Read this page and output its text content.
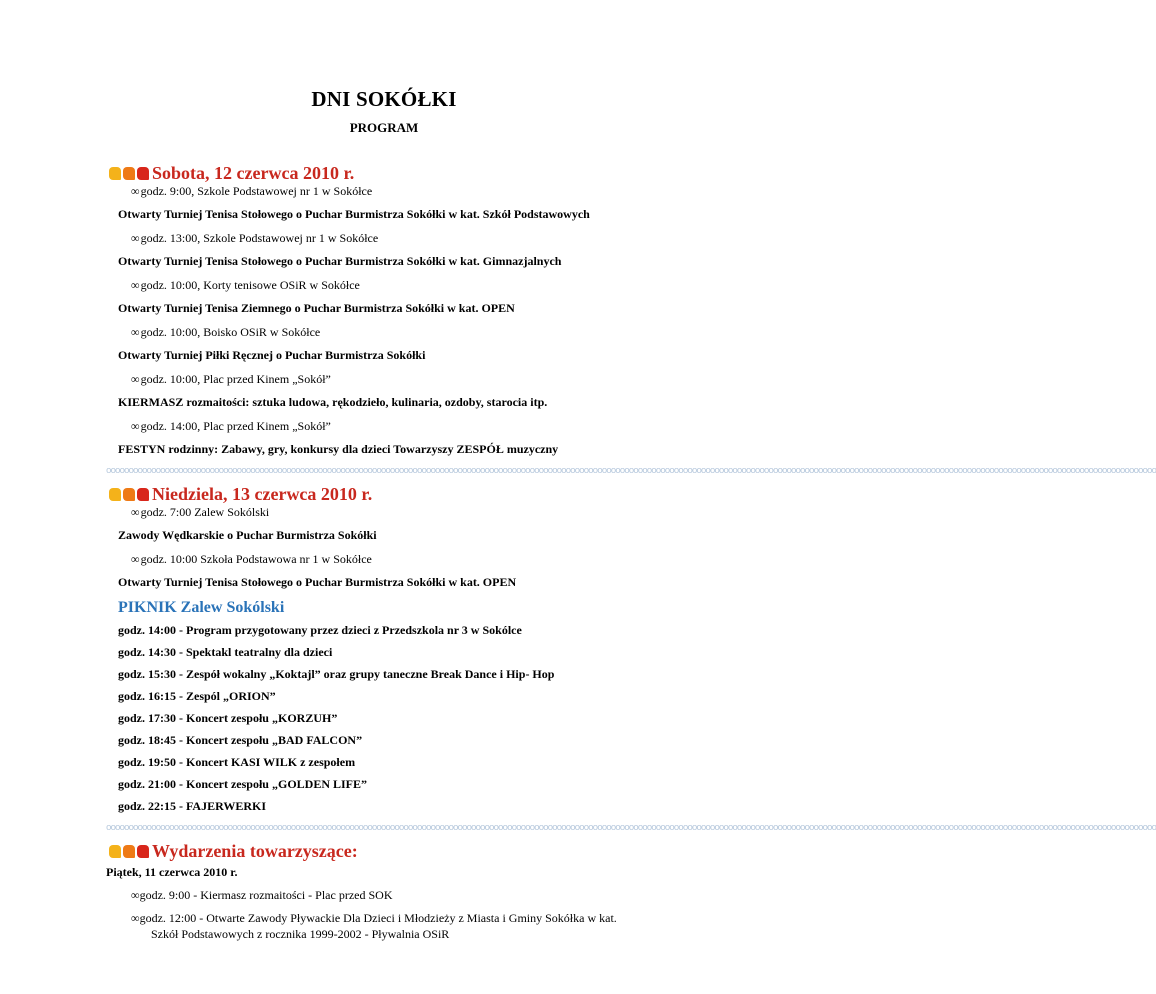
DNI SOKÓŁKI
PROGRAM
Sobota, 12 czerwca 2010 r.
∞godz. 9:00, Szkole Podstawowej nr 1 w Sokółce
Otwarty Turniej Tenisa Stołowego o Puchar Burmistrza Sokółki w kat. Szkół Podstawowych
∞godz. 13:00, Szkole Podstawowej nr 1 w Sokółce
Otwarty Turniej Tenisa Stołowego o Puchar Burmistrza Sokółki w kat. Gimnazjalnych
∞godz. 10:00, Korty tenisowe OSiR w Sokółce
Otwarty Turniej Tenisa Ziemnego o Puchar Burmistrza Sokółki w kat. OPEN
∞godz. 10:00, Boisko OSiR w Sokółce
Otwarty Turniej Piłki Ręcznej o Puchar Burmistrza Sokółki
∞godz. 10:00, Plac przed Kinem „Sokół”
KIERMASZ rozmaitości: sztuka ludowa, rękodzieło, kulinaria, ozdoby, starocia itp.
∞godz. 14:00, Plac przed Kinem „Sokół”
FESTYN rodzinny: Zabawy, gry, konkursy dla dzieci Towarzyszy ZESPÓŁ muzyczny
ooooooooooooooooooooooooooooooooooooooooooooooooooooooooooooooooooooooooooooooooooooooooooooooooooooooooooooooooooooooooooooooooooooooooooooooooooooooooooooooooooooooooooooooooooooooooooooooooooooooooooooooooooooooooooooooooooooooooo
Niedziela, 13 czerwca 2010 r.
∞godz. 7:00 Zalew Sokólski
Zawody Wędkarskie o Puchar Burmistrza Sokółki
∞godz. 10:00 Szkoła Podstawowa nr 1 w Sokółce
Otwarty Turniej Tenisa Stołowego o Puchar Burmistrza Sokółki w kat. OPEN
PIKNIK Zalew Sokólski
godz. 14:00 - Program przygotowany przez dzieci z Przedszkola nr 3 w Sokólce
godz. 14:30 - Spektakl teatralny dla dzieci
godz. 15:30 - Zespół wokalny „Koktajl” oraz grupy taneczne Break Dance i Hip- Hop
godz. 16:15 - Zespól „ORION”
godz. 17:30 - Koncert zespołu „KORZUH”
godz. 18:45 - Koncert zespołu „BAD FALCON”
godz. 19:50 - Koncert KASI WILK z zespołem
godz. 21:00 - Koncert zespołu „GOLDEN LIFE”
godz. 22:15 - FAJERWERKI
ooooooooooooooooooooooooooooooooooooooooooooooooooooooooooooooooooooooooooooooooooooooooooooooooooooooooooooooooooooooooooooooooooooooooooooooooooooooooooooooooooooooooooooooooooooooooooooooooooooooooooooooooooooooooooooooooooooooooo
Wydarzenia towarzyszące:
Piątek, 11 czerwca 2010 r.
∞godz. 9:00 - Kiermasz rozmaitości - Plac przed SOK
∞godz. 12:00 - Otwarte Zawody Pływackie Dla Dzieci i Młodzieży z Miasta i Gminy Sokółka w kat.
Szkół Podstawowych z rocznika 1999-2002 - Pływalnia OSiR
